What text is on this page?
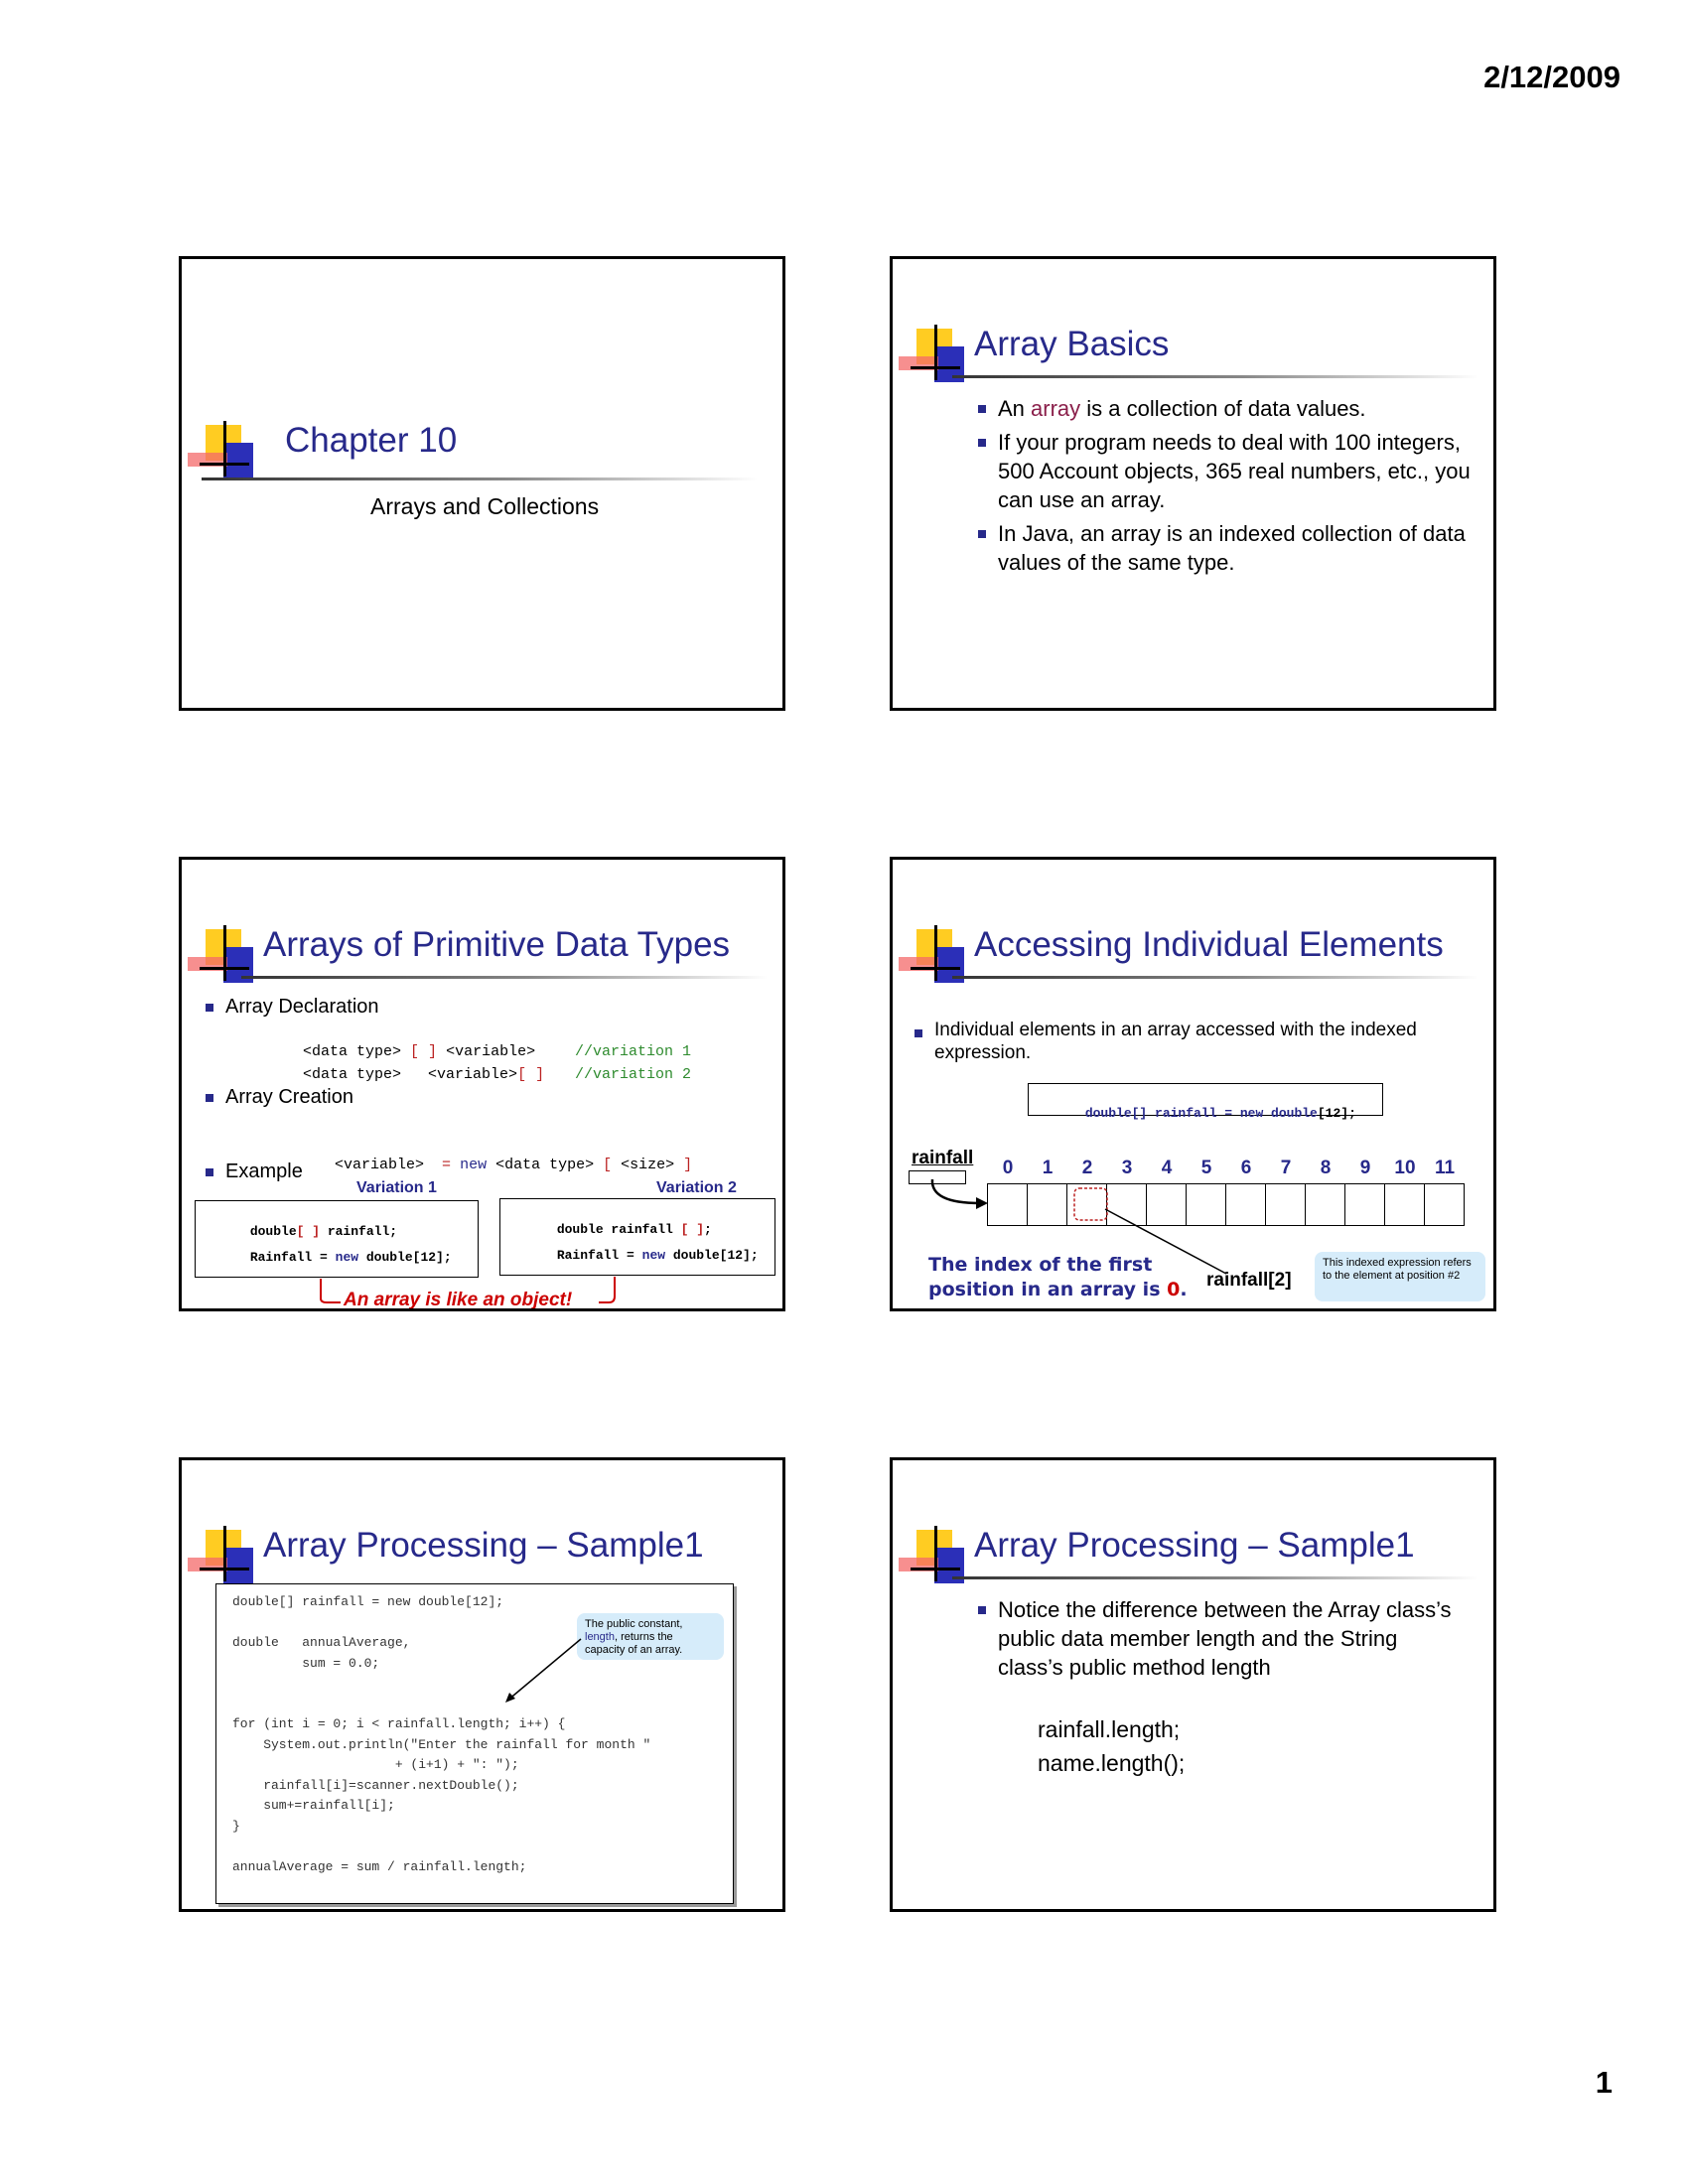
2/12/2009
Chapter 10
Arrays and Collections
Array Basics
An array is a collection of data values.
If your program needs to deal with 100 integers, 500 Account objects, 365 real numbers, etc., you can use an array.
In Java, an array is an indexed collection of data values of the same type.
Arrays of Primitive Data Types
Array Declaration

<data type> [ ] <variable>	//variation 1

<data type>   <variable>[ ] //variation 2

Array Creation

<variable>  = new <data type> [ <size> ]

Example
Variation 1	Variation 2

double[ ] rainfall;

Rainfall = new double[12];

double rainfall [ ];

Rainfall = new double[12];

An array is like an object!
Accessing Individual Elements
Individual elements in an array accessed with the indexed expression.

double[] rainfall = new double[12];

rainfall	0	1	2	3	4	5	6	7	8	9	10 11
The index of the first position in an array is 0.	rainfall[2]
This indexed expression refers to the element at position #2
Array Processing – Sample1
double[] rainfall = new double[12];
double   annualAverage,
sum = 0.0;
for (int i = 0; i < rainfall.length; i++) {
System.out.println("Enter the rainfall for month "
+ (i+1) + ": ");
rainfall[i]=scanner.nextDouble();
sum+=rainfall[i];
}
annualAverage = sum / rainfall.length;
The public constant, length, returns the capacity of an array.
Array Processing – Sample1
Notice the difference between the Array class’s public data member length and the String class’s public method length
rainfall.length;
name.length();
1
